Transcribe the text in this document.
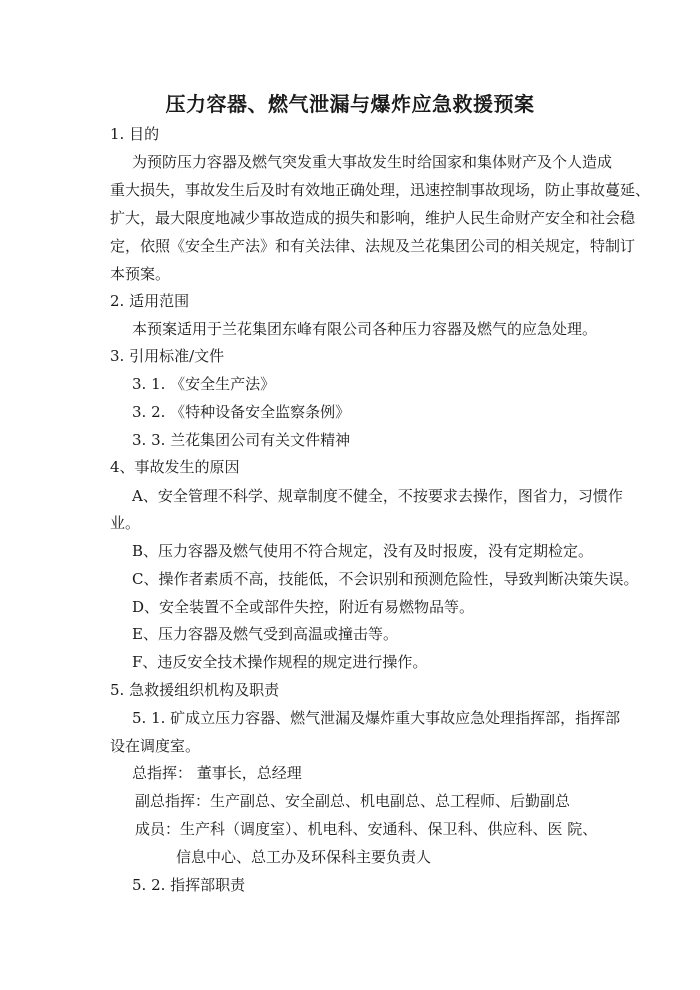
压力容器、燃气泄漏与爆炸应急救援预案
1. 目的
为预防压力容器及燃气突发重大事故发生时给国家和集体财产及个人造成
重大损失，事故发生后及时有效地正确处理，迅速控制事故现场，防止事故蔓延、
扩大，最大限度地减少事故造成的损失和影响，维护人民生命财产安全和社会稳
定，依照《安全生产法》和有关法律、法规及兰花集团公司的相关规定，特制订
本预案。
2. 适用范围
本预案适用于兰花集团东峰有限公司各种压力容器及燃气的应急处理。
3. 引用标准/文件
3. 1. 《安全生产法》
3. 2. 《特种设备安全监察条例》
3. 3. 兰花集团公司有关文件精神
4、事故发生的原因
A、安全管理不科学、规章制度不健全，不按要求去操作，图省力，习惯作
业。
B、压力容器及燃气使用不符合规定，没有及时报废，没有定期检定。
C、操作者素质不高，技能低，不会识别和预测危险性，导致判断决策失误。
D、安全装置不全或部件失控，附近有易燃物品等。
E、压力容器及燃气受到高温或撞击等。
F、违反安全技术操作规程的规定进行操作。
5. 急救援组织机构及职责
5. 1. 矿成立压力容器、燃气泄漏及爆炸重大事故应急处理指挥部，指挥部
设在调度室。
总指挥： 董事长，总经理
副总指挥：生产副总、安全副总、机电副总、总工程师、后勤副总
成员：生产科（调度室）、机电科、安通科、保卫科、供应科、医 院、
信息中心、总工办及环保科主要负责人
5. 2. 指挥部职责
